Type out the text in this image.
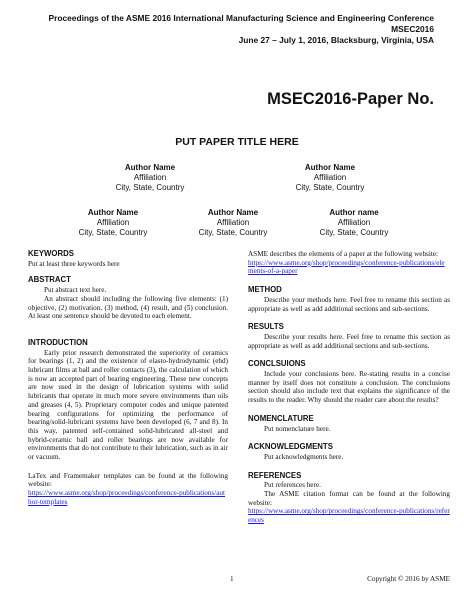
Proceedings of the ASME 2016 International Manufacturing Science and Engineering Conference
MSEC2016
June 27 – July 1, 2016, Blacksburg, Virginia, USA
MSEC2016-Paper No.
PUT PAPER TITLE HERE
Author Name
Affiliation
City, State, Country
Author Name
Affiliation
City, State, Country
Author Name
Affiliation
City, State, Country
Author Name
Affiliation
City, State, Country
Author name
Affiliation
City, State, Country
KEYWORDS

Put at least three keywords here

ABSTRACT

Put abstract text here.

An abstract should including the following five elements: (1) objective, (2) motivation, (3) method, (4) result, and (5) conclusion. At least one sentence should be devoted to each element.

INTRODUCTION

Early prior research demonstrated the superiority of ceramics for bearings (1, 2) and the existence of elasto-hydrodynamic (ehd) lubricant films at ball and roller contacts (3), the calculation of which is now an accepted part of bearing engineering. These new concepts are now used in the design of lubrication systems with solid lubricants that operate in much more severe environments than oils and greases (4, 5). Proprietary computer codes and unique patented bearing configurations for optimizing the performance of bearing/solid-lubricant systems have been developed (6, 7 and 8). In this way, patented self-contained solid-lubricated all-steel and hybrid-ceramic ball and roller bearings are now available for environments that do not contribute to their lubrication, such as in air or vacuum.

LaTex and Framemaker templates can be found at the following website:

https://www.asme.org/shop/proceedings/conference-publications/author-templates

ASME describes the elements of a paper at the following website:

https://www.asme.org/shop/proceedings/conference-publications/elements-of-a-paper
METHOD

Describe your methods here. Feel free to rename this section as appropriate as well as add additional sections and sub-sections.

RESULTS

Describe your results here. Feel free to rename this section as appropriate as well as add additional sections and sub-sections.

CONCLSUIONS

Include your conclusions here. Re-stating results in a concise manner by itself does not constitute a conclusion. The conclusions section should also include text that explains the significance of the results to the reader. Why should the reader care about the results?

NOMENCLATURE

Put nomenclature here.

ACKNOWLEDGMENTS

Put acknowledgments here.

REFERENCES

Put references here.

The ASME citation format can be found at the following website:

https://www.asme.org/shop/proceedings/conference-publications/references
1	Copyright © 2016 by ASME
